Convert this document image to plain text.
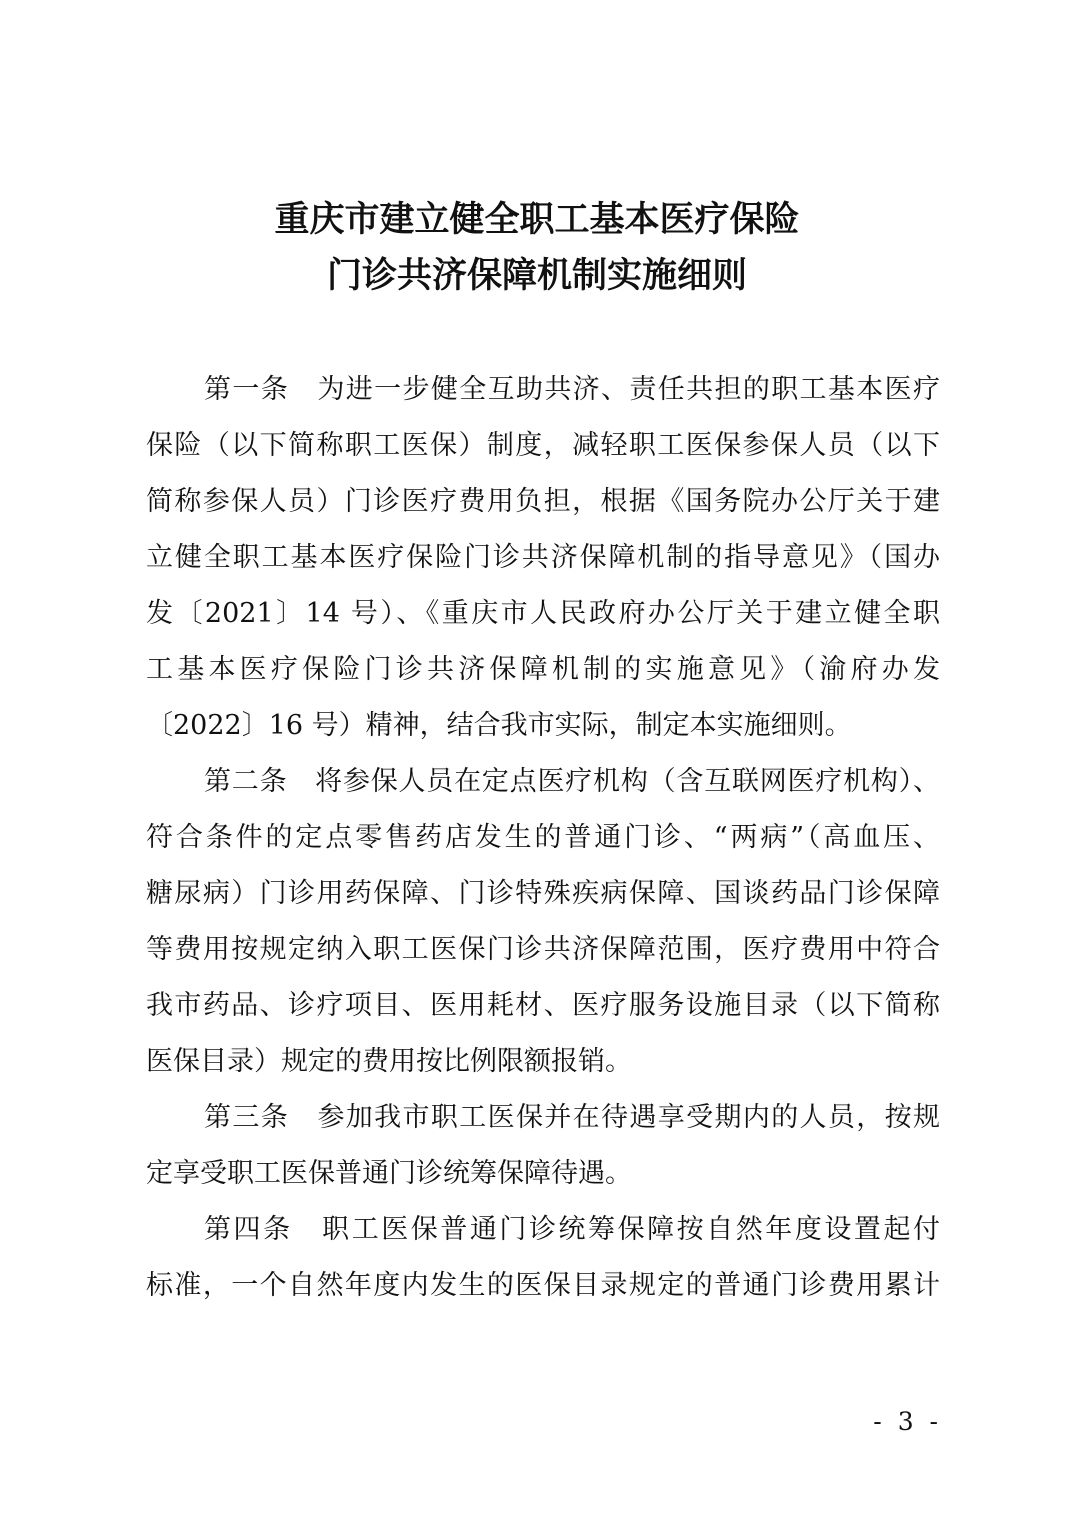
重庆市建立健全职工基本医疗保险
门诊共济保障机制实施细则
第一条　为进一步健全互助共济、责任共担的职工基本医疗
保险（以下简称职工医保）制度，减轻职工医保参保人员（以下
简称参保人员）门诊医疗费用负担，根据《国务院办公厅关于建
立健全职工基本医疗保险门诊共济保障机制的指导意见》（国办
发〔2021〕14 号）、《重庆市人民政府办公厅关于建立健全职
工基本医疗保险门诊共济保障机制的实施意见》（渝府办发
〔2022〕16 号）精神，结合我市实际，制定本实施细则。
第二条　将参保人员在定点医疗机构（含互联网医疗机构）、
符合条件的定点零售药店发生的普通门诊、“两病”（高血压、
糖尿病）门诊用药保障、门诊特殊疾病保障、国谈药品门诊保障
等费用按规定纳入职工医保门诊共济保障范围，医疗费用中符合
我市药品、诊疗项目、医用耗材、医疗服务设施目录（以下简称
医保目录）规定的费用按比例限额报销。
第三条　参加我市职工医保并在待遇享受期内的人员，按规
定享受职工医保普通门诊统筹保障待遇。
第四条　职工医保普通门诊统筹保障按自然年度设置起付
标准，一个自然年度内发生的医保目录规定的普通门诊费用累计
- 3 -
